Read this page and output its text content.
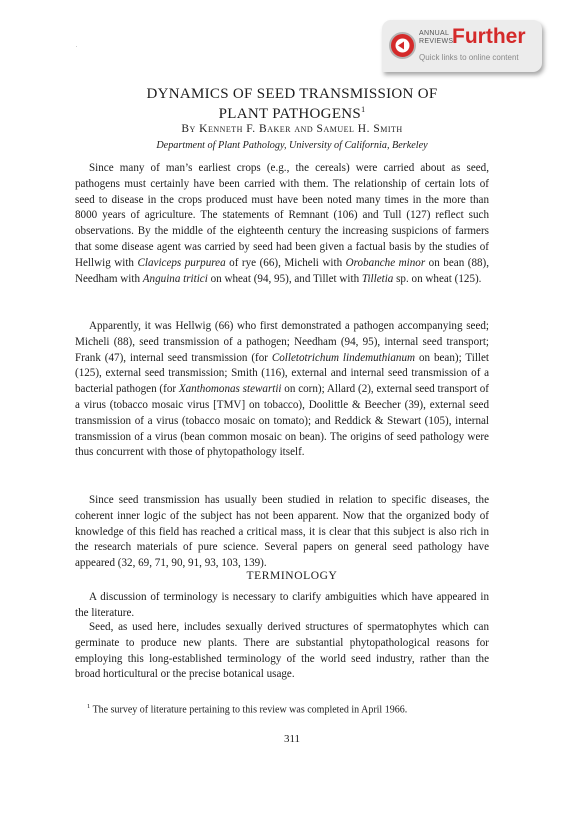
ANNUAL
REVIEWS
Further
Quick links to online content
.
DYNAMICS OF SEED TRANSMISSION OF
PLANT PATHOGENS$^1$
By Kenneth F. Baker and Samuel H. Smith
Department of Plant Pathology, University of California, Berkeley

Since many of man’s earliest crops (e.g., the cereals) were carried about as seed, pathogens must certainly have been carried with them. The relationship of certain lots of seed to disease in the crops produced must have been noted many times in the more than 8000 years of agriculture. The statements of Remnant (106) and Tull (127) reflect such observations. By the middle of the eighteenth century the increasing suspicions of farmers that some disease agent was carried by seed had been given a factual basis by the studies of Hellwig with Claviceps purpurea of rye (66), Micheli with Orobanche minor on bean (88), Needham with Anguina tritici on wheat (94, 95), and Tillet with Tilletia sp. on wheat (125).

Apparently, it was Hellwig (66) who first demonstrated a pathogen accompanying seed; Micheli (88), seed transmission of a pathogen; Needham (94, 95), internal seed transport; Frank (47), internal seed transmission (for Colletotrichum lindemuthianum on bean); Tillet (125), external seed transmission; Smith (116), external and internal seed transmission of a bacterial pathogen (for Xanthomonas stewartii on corn); Allard (2), external seed transport of a virus (tobacco mosaic virus [TMV] on tobacco), Doolittle & Beecher (39), external seed transmission of a virus (tobacco mosaic on tomato); and Reddick & Stewart (105), internal transmission of a virus (bean common mosaic on bean). The origins of seed pathology were thus concurrent with those of phytopathology itself.

Since seed transmission has usually been studied in relation to specific diseases, the coherent inner logic of the subject has not been apparent. Now that the organized body of knowledge of this field has reached a critical mass, it is clear that this subject is also rich in the research materials of pure science. Several papers on general seed pathology have appeared (32, 69, 71, 90, 91, 93, 103, 139).

TERMINOLOGY

A discussion of terminology is necessary to clarify ambiguities which have appeared in the literature.

Seed, as used here, includes sexually derived structures of spermatophytes which can germinate to produce new plants. There are substantial phytopathological reasons for employing this long-established terminology of the world seed industry, rather than the broad horticultural or the precise botanical usage.

$^1$ The survey of literature pertaining to this review was completed in April 1966.

311
